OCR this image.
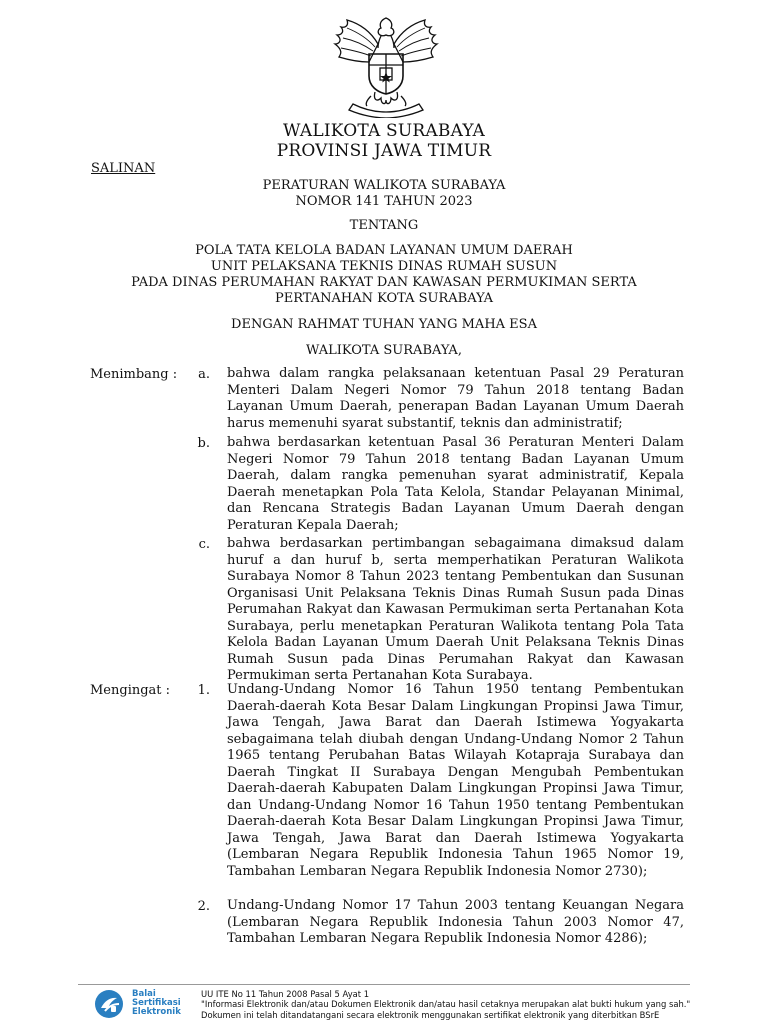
WALIKOTA SURABAYA
PROVINSI JAWA TIMUR
SALINAN
PERATURAN WALIKOTA SURABAYA
NOMOR 141 TAHUN 2023
TENTANG
POLA TATA KELOLA BADAN LAYANAN UMUM DAERAH
UNIT PELAKSANA TEKNIS DINAS RUMAH SUSUN
PADA DINAS PERUMAHAN RAKYAT DAN KAWASAN PERMUKIMAN SERTA
PERTANAHAN KOTA SURABAYA
DENGAN RAHMAT TUHAN YANG MAHA ESA
WALIKOTA SURABAYA,
Menimbang :	a. bahwa dalam rangka pelaksanaan ketentuan Pasal 29 Peraturan Menteri Dalam Negeri Nomor 79 Tahun 2018 tentang Badan Layanan Umum Daerah, penerapan Badan Layanan Umum Daerah harus memenuhi syarat substantif, teknis dan administratif;
b. bahwa berdasarkan ketentuan Pasal 36 Peraturan Menteri Dalam Negeri Nomor 79 Tahun 2018 tentang Badan Layanan Umum Daerah, dalam rangka pemenuhan syarat administratif, Kepala Daerah menetapkan Pola Tata Kelola, Standar Pelayanan Minimal, dan Rencana Strategis Badan Layanan Umum Daerah dengan Peraturan Kepala Daerah;
c. bahwa berdasarkan pertimbangan sebagaimana dimaksud dalam huruf a dan huruf b, serta memperhatikan Peraturan Walikota Surabaya Nomor 8 Tahun 2023 tentang Pembentukan dan Susunan Organisasi Unit Pelaksana Teknis Dinas Rumah Susun pada Dinas Perumahan Rakyat dan Kawasan Permukiman serta Pertanahan Kota Surabaya, perlu menetapkan Peraturan Walikota tentang Pola Tata Kelola Badan Layanan Umum Daerah Unit Pelaksana Teknis Dinas Rumah Susun pada Dinas Perumahan Rakyat dan Kawasan Permukiman serta Pertanahan Kota Surabaya.
Mengingat :	1. Undang-Undang Nomor 16 Tahun 1950 tentang Pembentukan Daerah-daerah Kota Besar Dalam Lingkungan Propinsi Jawa Timur, Jawa Tengah, Jawa Barat dan Daerah Istimewa Yogyakarta sebagaimana telah diubah dengan Undang-Undang Nomor 2 Tahun 1965 tentang Perubahan Batas Wilayah Kotapraja Surabaya dan Daerah Tingkat II Surabaya Dengan Mengubah Pembentukan Daerah-daerah Kabupaten Dalam Lingkungan Propinsi Jawa Timur, dan Undang-Undang Nomor 16 Tahun 1950 tentang Pembentukan Daerah-daerah Kota Besar Dalam Lingkungan Propinsi Jawa Timur, Jawa Tengah, Jawa Barat dan Daerah Istimewa Yogyakarta (Lembaran Negara Republik Indonesia Tahun 1965 Nomor 19, Tambahan Lembaran Negara Republik Indonesia Nomor 2730);
2. Undang-Undang Nomor 17 Tahun 2003 tentang Keuangan Negara (Lembaran Negara Republik Indonesia Tahun 2003 Nomor 47, Tambahan Lembaran Negara Republik Indonesia Nomor 4286);
Balai
Sertifikasi
Elektronik
UU ITE No 11 Tahun 2008 Pasal 5 Ayat 1
"Informasi Elektronik dan/atau Dokumen Elektronik dan/atau hasil cetaknya merupakan alat bukti hukum yang sah."
Dokumen ini telah ditandatangani secara elektronik menggunakan sertifikat elektronik yang diterbitkan BSrE
